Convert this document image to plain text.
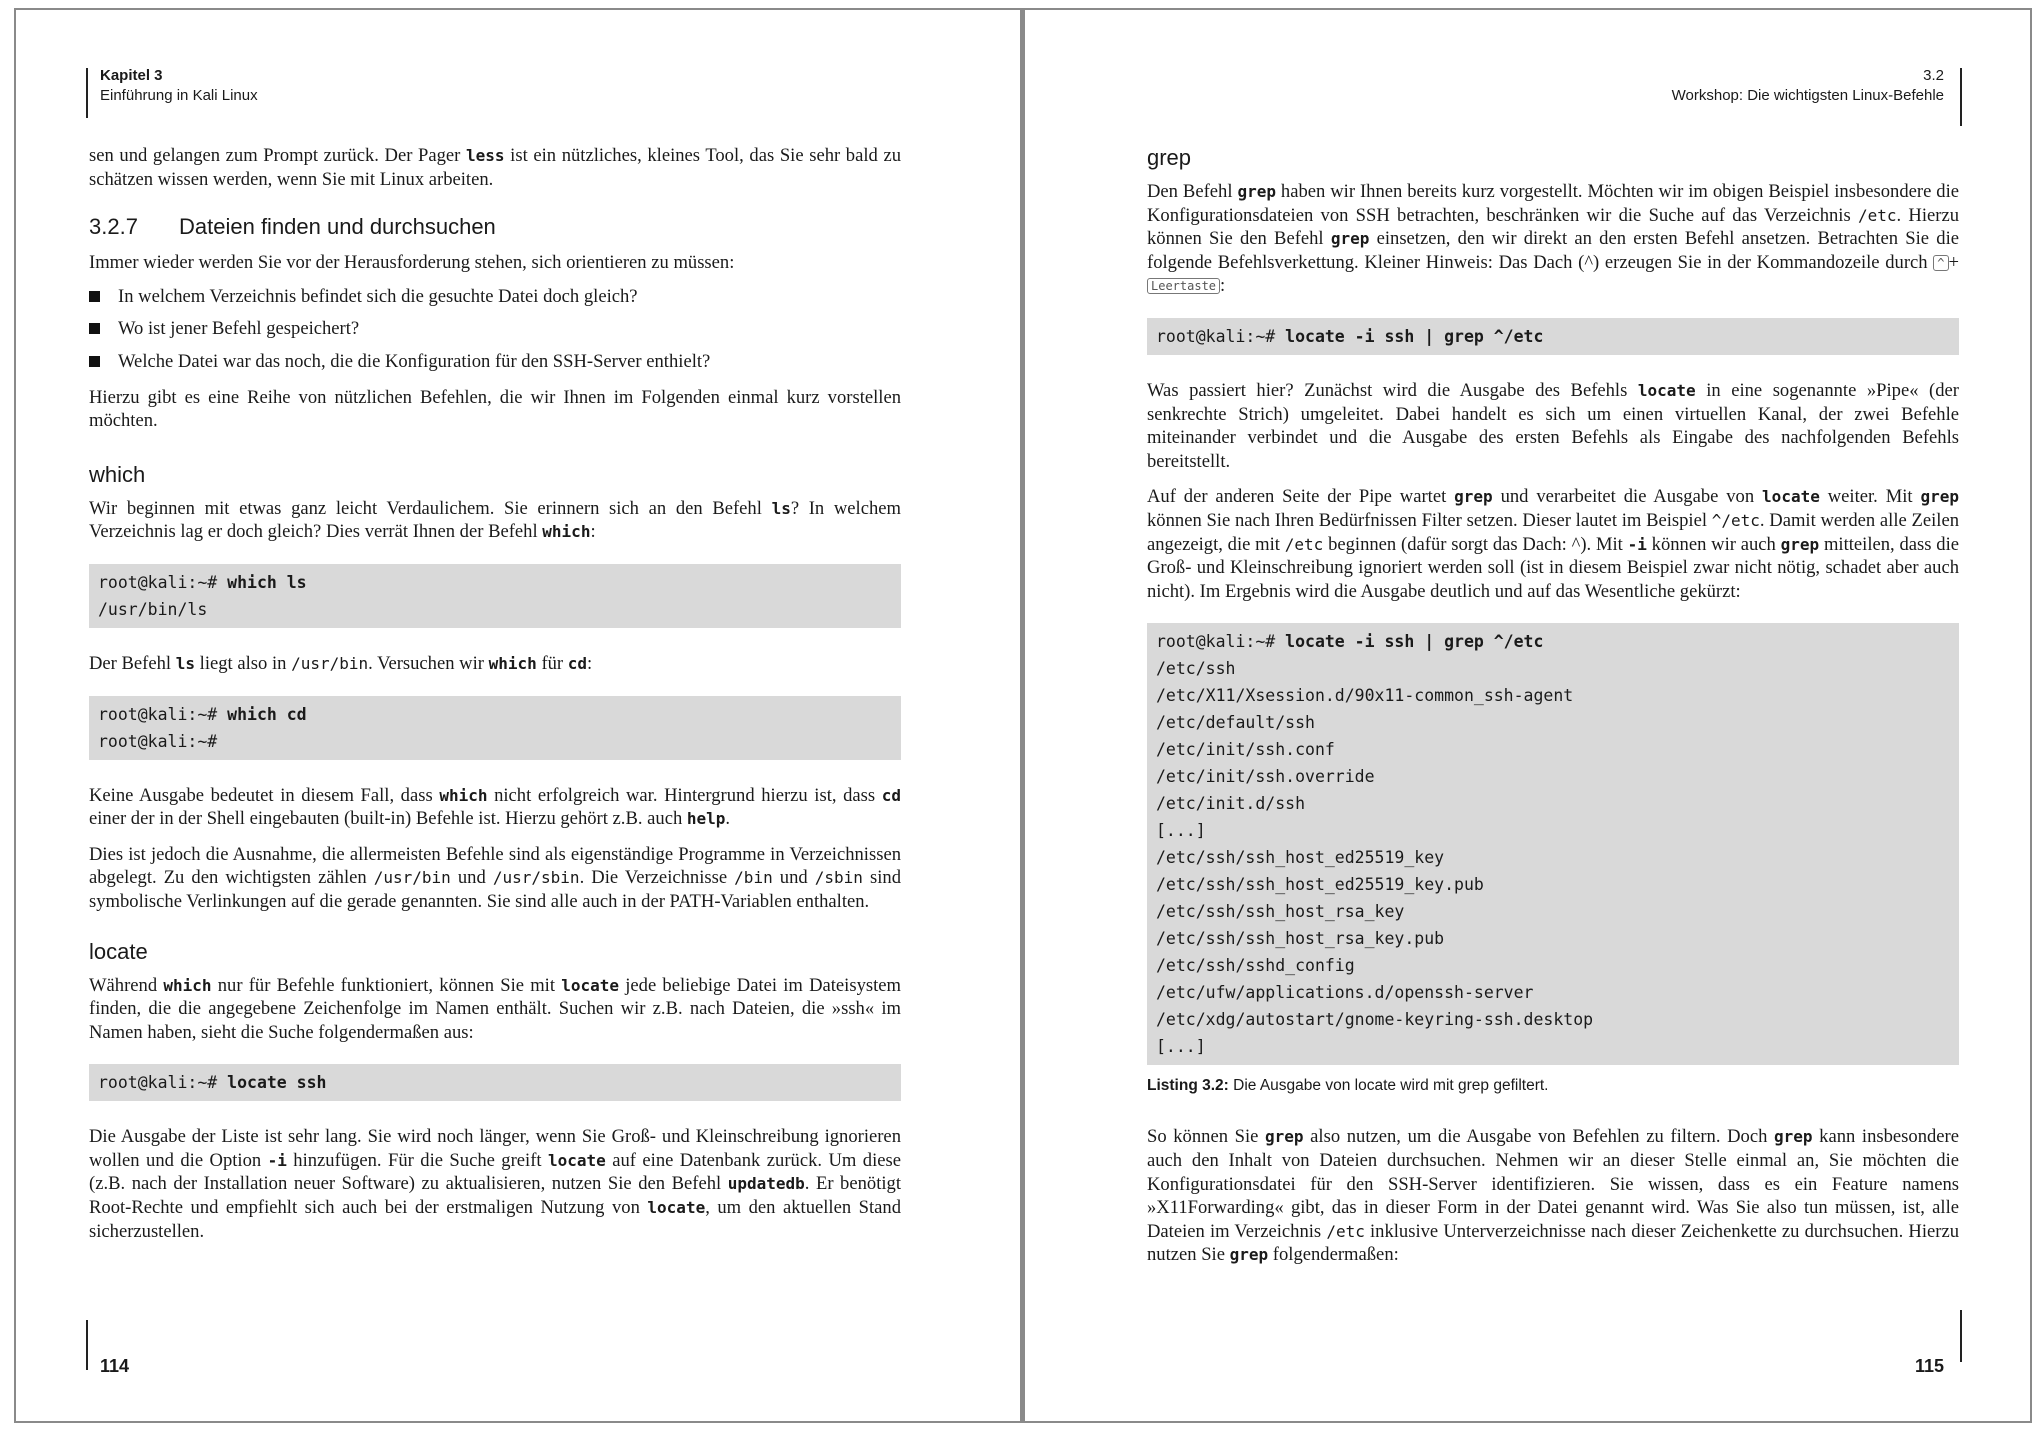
Kapitel 3
Einführung in Kali Linux

sen und gelangen zum Prompt zurück. Der Pager less ist ein nützliches, kleines Tool, das Sie sehr bald zu schätzen wissen werden, wenn Sie mit Linux arbeiten.

3.2.7 Dateien finden und durchsuchen

Immer wieder werden Sie vor der Herausforderung stehen, sich orientieren zu müssen:

In welchem Verzeichnis befindet sich die gesuchte Datei doch gleich?
Wo ist jener Befehl gespeichert?
Welche Datei war das noch, die die Konfiguration für den SSH-Server enthielt?

Hierzu gibt es eine Reihe von nützlichen Befehlen, die wir Ihnen im Folgenden einmal kurz vorstellen möchten.

which

Wir beginnen mit etwas ganz leicht Verdaulichem. Sie erinnern sich an den Befehl ls? In welchem Verzeichnis lag er doch gleich? Dies verrät Ihnen der Befehl which:

root@kali:~# which ls
/usr/bin/ls

Der Befehl ls liegt also in /usr/bin. Versuchen wir which für cd:

root@kali:~# which cd
root@kali:~#

Keine Ausgabe bedeutet in diesem Fall, dass which nicht erfolgreich war. Hintergrund hierzu ist, dass cd einer der in der Shell eingebauten (built-in) Befehle ist. Hierzu gehört z.B. auch help.

Dies ist jedoch die Ausnahme, die allermeisten Befehle sind als eigenständige Programme in Verzeichnissen abgelegt. Zu den wichtigsten zählen /usr/bin und /usr/sbin. Die Verzeichnisse /bin und /sbin sind symbolische Verlinkungen auf die gerade genannten. Sie sind alle auch in der PATH-Variablen enthalten.

locate

Während which nur für Befehle funktioniert, können Sie mit locate jede beliebige Datei im Dateisystem finden, die die angegebene Zeichenfolge im Namen enthält. Suchen wir z.B. nach Dateien, die »ssh« im Namen haben, sieht die Suche folgendermaßen aus:

root@kali:~# locate ssh

Die Ausgabe der Liste ist sehr lang. Sie wird noch länger, wenn Sie Groß- und Kleinschreibung ignorieren wollen und die Option -i hinzufügen. Für die Suche greift locate auf eine Datenbank zurück. Um diese (z.B. nach der Installation neuer Software) zu aktualisieren, nutzen Sie den Befehl updatedb. Er benötigt Root-Rechte und empfiehlt sich auch bei der erstmaligen Nutzung von locate, um den aktuellen Stand sicherzustellen.

114
3.2
Workshop: Die wichtigsten Linux-Befehle
grep

Den Befehl grep haben wir Ihnen bereits kurz vorgestellt. Möchten wir im obigen Beispiel insbesondere die Konfigurationsdateien von SSH betrachten, beschränken wir die Suche auf das Verzeichnis /etc. Hierzu können Sie den Befehl grep einsetzen, den wir direkt an den ersten Befehl ansetzen. Betrachten Sie die folgende Befehlsverkettung. Kleiner Hinweis: Das Dach (^) erzeugen Sie in der Kommandozeile durch ^ +Leertaste :

root@kali:~# locate -i ssh | grep ^/etc

Was passiert hier? Zunächst wird die Ausgabe des Befehls locate in eine sogenannte »Pipe« (der senkrechte Strich) umgeleitet. Dabei handelt es sich um einen virtuellen Kanal, der zwei Befehle miteinander verbindet und die Ausgabe des ersten Befehls als Eingabe des nachfolgenden Befehls bereitstellt.

Auf der anderen Seite der Pipe wartet grep und verarbeitet die Ausgabe von locate weiter. Mit grep können Sie nach Ihren Bedürfnissen Filter setzen. Dieser lautet im Beispiel ^/etc. Damit werden alle Zeilen angezeigt, die mit /etc beginnen (dafür sorgt das Dach: ^). Mit -i können wir auch grep mitteilen, dass die Groß- und Kleinschreibung ignoriert werden soll (ist in diesem Beispiel zwar nicht nötig, schadet aber auch nicht). Im Ergebnis wird die Ausgabe deutlich und auf das Wesentliche gekürzt:

root@kali:~# locate -i ssh | grep ^/etc
/etc/ssh
/etc/X11/Xsession.d/90x11-common_ssh-agent
/etc/default/ssh
/etc/init/ssh.conf
/etc/init/ssh.override
/etc/init.d/ssh
[...]
/etc/ssh/ssh_host_ed25519_key
/etc/ssh/ssh_host_ed25519_key.pub
/etc/ssh/ssh_host_rsa_key
/etc/ssh/ssh_host_rsa_key.pub
/etc/ssh/sshd_config
/etc/ufw/applications.d/openssh-server
/etc/xdg/autostart/gnome-keyring-ssh.desktop
[...]
Listing 3.2: Die Ausgabe von locate wird mit grep gefiltert.

So können Sie grep also nutzen, um die Ausgabe von Befehlen zu filtern. Doch grep kann insbesondere auch den Inhalt von Dateien durchsuchen. Nehmen wir an dieser Stelle einmal an, Sie möchten die Konfigurationsdatei für den SSH-Server identifizieren. Sie wissen, dass es ein Feature namens »X11Forwarding« gibt, das in dieser Form in der Datei genannt wird. Was Sie also tun müssen, ist, alle Dateien im Verzeichnis /etc inklusive Unterverzeichnisse nach dieser Zeichenkette zu durchsuchen. Hierzu nutzen Sie grep folgendermaßen:

115
